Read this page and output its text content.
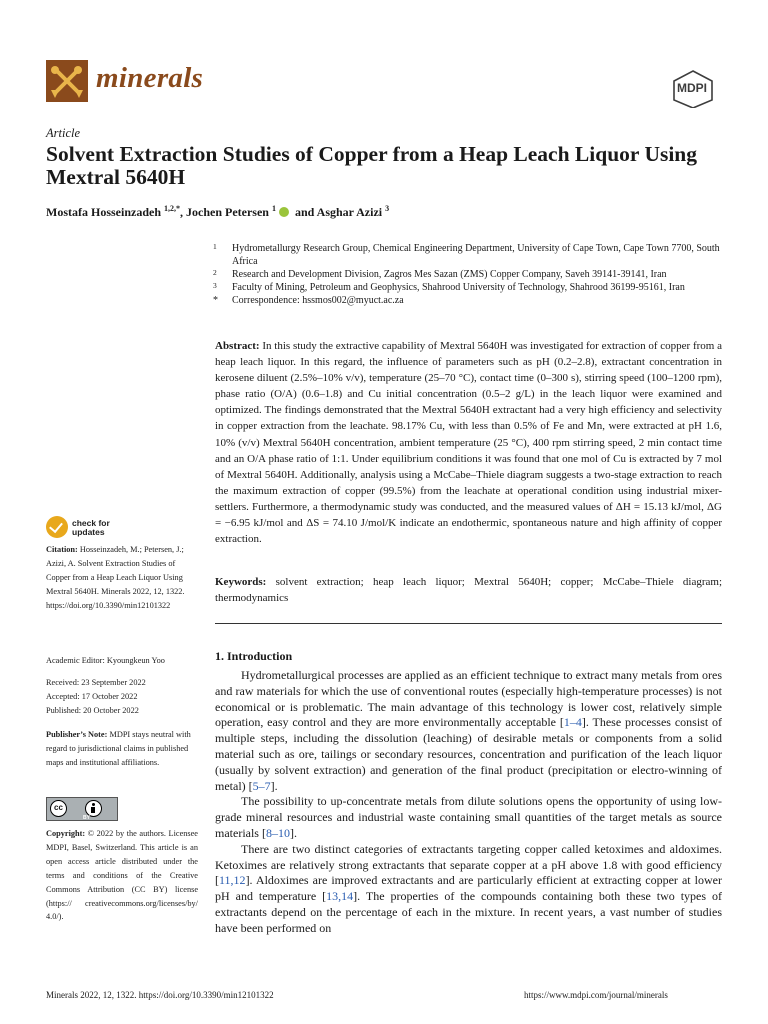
minerals	MDPI
Article
Solvent Extraction Studies of Copper from a Heap Leach Liquor Using Mextral 5640H
Mostafa Hosseinzadeh $^{1,2,*}$, Jochen Petersen $^1$ and Asghar Azizi $^3$
1 Hydrometallurgy Research Group, Chemical Engineering Department, University of Cape Town, Cape Town 7700, South Africa
2 Research and Development Division, Zagros Mes Sazan (ZMS) Copper Company, Saveh 39141-39141, Iran
3 Faculty of Mining, Petroleum and Geophysics, Shahrood University of Technology, Shahrood 36199-95161, Iran
* Correspondence: hssmos002@myuct.ac.za
Abstract: In this study the extractive capability of Mextral 5640H was investigated for extraction of copper from a heap leach liquor. In this regard, the influence of parameters such as pH (0.2–2.8), extractant concentration in kerosene diluent (2.5%–10% v/v), temperature (25–70 °C), contact time (0–300 s), stirring speed (100–1200 rpm), phase ratio (O/A) (0.6–1.8) and Cu initial concentration (0.5–2 g/L) in the leach liquor were examined and optimized. The findings demonstrated that the Mextral 5640H extractant had a very high efficiency and selectivity in copper extraction from the leachate. 98.17% Cu, with less than 0.5% of Fe and Mn, were extracted at pH 1.6, 10% (v/v) Mextral 5640H concentration, ambient temperature (25 °C), 400 rpm stirring speed, 2 min contact time and an O/A phase ratio of 1:1. Under equilibrium conditions it was found that one mol of Cu is extracted by 7 mol of Mextral 5640H. Additionally, analysis using a McCabe–Thiele diagram suggests a two-stage extraction to reach the maximum extraction of copper (99.5%) from the leachate at operational condition using industrial mixer-settlers. Furthermore, a thermodynamic study was conducted, and the measured values of ΔH = 15.13 kJ/mol, ΔG = −6.95 kJ/mol and ΔS = 74.10 J/mol/K indicate an endothermic, spontaneous nature and high affinity of copper extraction.
Keywords: solvent extraction; heap leach liquor; Mextral 5640H; copper; McCabe–Thiele diagram; thermodynamics
check for
updates
Citation: Hosseinzadeh, M.; Petersen, J.; Azizi, A. Solvent Extraction Studies of Copper from a Heap Leach Liquor Using Mextral 5640H. Minerals 2022, 12, 1322. https://doi.org/10.3390/min12101322
Academic Editor: Kyoungkeun Yoo
Received: 23 September 2022
Accepted: 17 October 2022
Published: 20 October 2022
Publisher’s Note: MDPI stays neutral with regard to jurisdictional claims in published maps and institutional affiliations.
cc
BY
Copyright: © 2022 by the authors. Licensee MDPI, Basel, Switzerland. This article is an open access article distributed under the terms and conditions of the Creative Commons Attribution (CC BY) license (https:// creativecommons.org/licenses/by/ 4.0/).
1. Introduction

Hydrometallurgical processes are applied as an efficient technique to extract many metals from ores and raw materials for which the use of conventional routes (especially high-temperature processes) is not economical or is problematic. The main advantage of this technology is lower cost, relatively simple operation, easy control and they are more environmentally acceptable [1–4]. These processes consist of multiple steps, including the dissolution (leaching) of desirable metals or components from a solid material such as ore, tailings or secondary resources, concentration and purification of the leach liquor (usually by solvent extraction) and generation of the final product (precipitation or electro-winning of metal) [5–7].

The possibility to up-concentrate metals from dilute solutions opens the opportunity of using low-grade mineral resources and industrial waste containing small quantities of the target metals as source materials [8–10].

There are two distinct categories of extractants targeting copper called ketoximes and aldoximes. Ketoximes are relatively strong extractants that separate copper at a pH above 1.8 with good efficiency [11,12]. Aldoximes are improved extractants and are particularly efficient at extracting copper at lower pH and temperature [13,14]. The properties of the compounds containing both these two types of extractants depend on the percentage of each in the mixture. In recent years, a vast number of studies have been performed on

Minerals 2022, 12, 1322. https://doi.org/10.3390/min12101322	https://www.mdpi.com/journal/minerals
